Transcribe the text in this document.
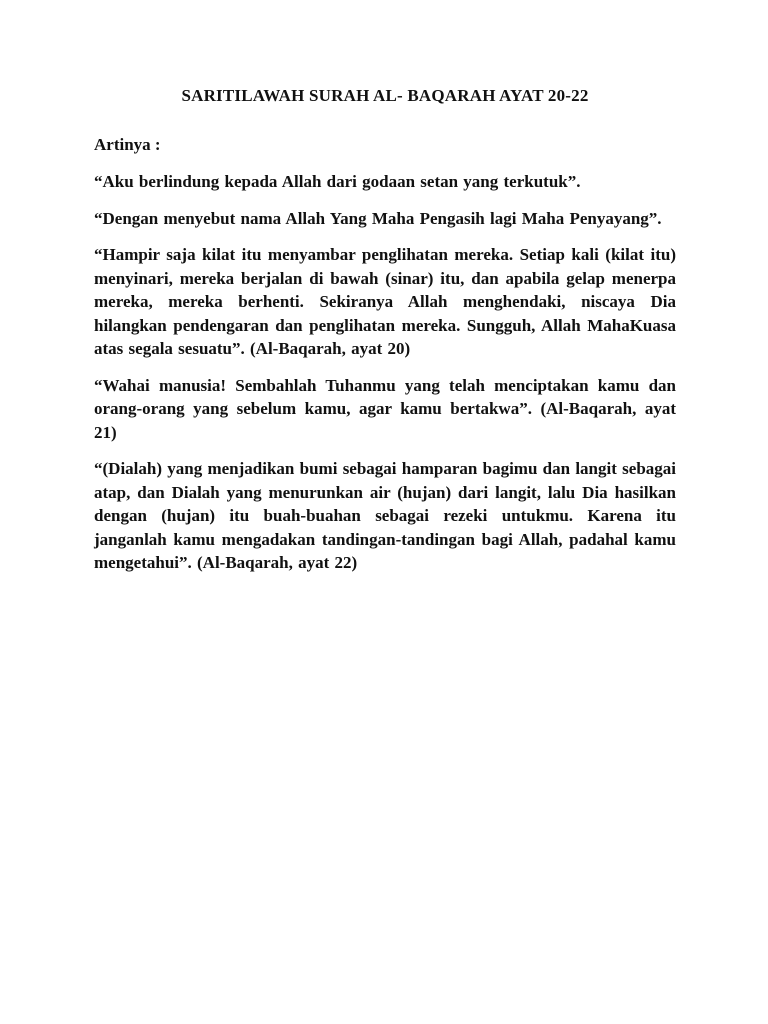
SARITILAWAH SURAH AL- BAQARAH AYAT 20-22

Artinya :

“Aku berlindung kepada Allah dari godaan setan yang terkutuk”.

“Dengan menyebut nama Allah Yang Maha Pengasih lagi Maha Penyayang”.

“Hampir saja kilat itu menyambar penglihatan mereka. Setiap kali (kilat itu) menyinari, mereka berjalan di bawah (sinar) itu, dan apabila gelap menerpa mereka, mereka berhenti. Sekiranya Allah menghendaki, niscaya Dia hilangkan pendengaran dan penglihatan mereka. Sungguh, Allah MahaKuasa atas segala sesuatu”. (Al-Baqarah, ayat 20)

“Wahai manusia! Sembahlah Tuhanmu yang telah menciptakan kamu dan orang-orang yang sebelum kamu, agar kamu bertakwa”. (Al-Baqarah, ayat 21)

“(Dialah) yang menjadikan bumi sebagai hamparan bagimu dan langit sebagai atap, dan Dialah yang menurunkan air (hujan) dari langit, lalu Dia hasilkan dengan (hujan) itu buah-buahan sebagai rezeki untukmu. Karena itu janganlah kamu mengadakan tandingan-tandingan bagi Allah, padahal kamu mengetahui”. (Al-Baqarah, ayat 22)
